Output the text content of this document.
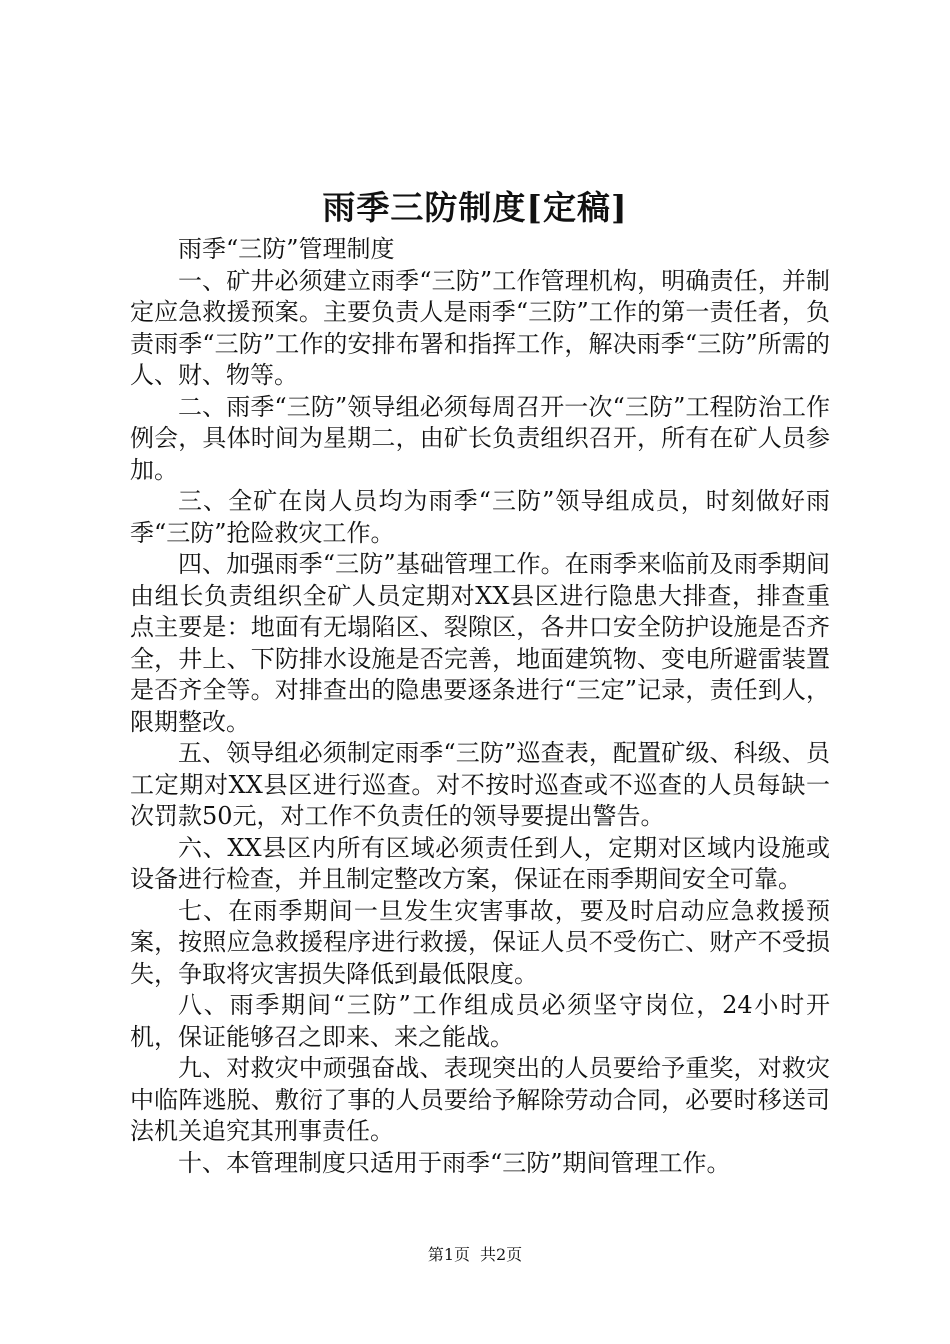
雨季三防制度[定稿]

雨季“三防”管理制度

一、矿井必须建立雨季“三防”工作管理机构，明确责任，并制定应急救援预案。主要负责人是雨季“三防”工作的第一责任者，负责雨季“三防”工作的安排布署和指挥工作，解决雨季“三防”所需的人、财、物等。

二、雨季“三防”领导组必须每周召开一次“三防”工程防治工作例会，具体时间为星期二，由矿长负责组织召开，所有在矿人员参加。

三、全矿在岗人员均为雨季“三防”领导组成员，时刻做好雨季“三防”抢险救灾工作。

四、加强雨季“三防”基础管理工作。在雨季来临前及雨季期间由组长负责组织全矿人员定期对XX县区进行隐患大排查，排查重点主要是：地面有无塌陷区、裂隙区，各井口安全防护设施是否齐全，井上、下防排水设施是否完善，地面建筑物、变电所避雷装置是否齐全等。对排查出的隐患要逐条进行“三定”记录，责任到人，限期整改。

五、领导组必须制定雨季“三防”巡查表，配置矿级、科级、员工定期对XX县区进行巡查。对不按时巡查或不巡查的人员每缺一次罚款50元，对工作不负责任的领导要提出警告。

六、XX县区内所有区域必须责任到人，定期对区域内设施或设备进行检查，并且制定整改方案，保证在雨季期间安全可靠。

七、在雨季期间一旦发生灾害事故，要及时启动应急救援预案，按照应急救援程序进行救援，保证人员不受伤亡、财产不受损失，争取将灾害损失降低到最低限度。

八、雨季期间“三防”工作组成员必须坚守岗位，24小时开机，保证能够召之即来、来之能战。

九、对救灾中顽强奋战、表现突出的人员要给予重奖，对救灾中临阵逃脱、敷衍了事的人员要给予解除劳动合同，必要时移送司法机关追究其刑事责任。

十、本管理制度只适用于雨季“三防”期间管理工作。

第1页 共2页
